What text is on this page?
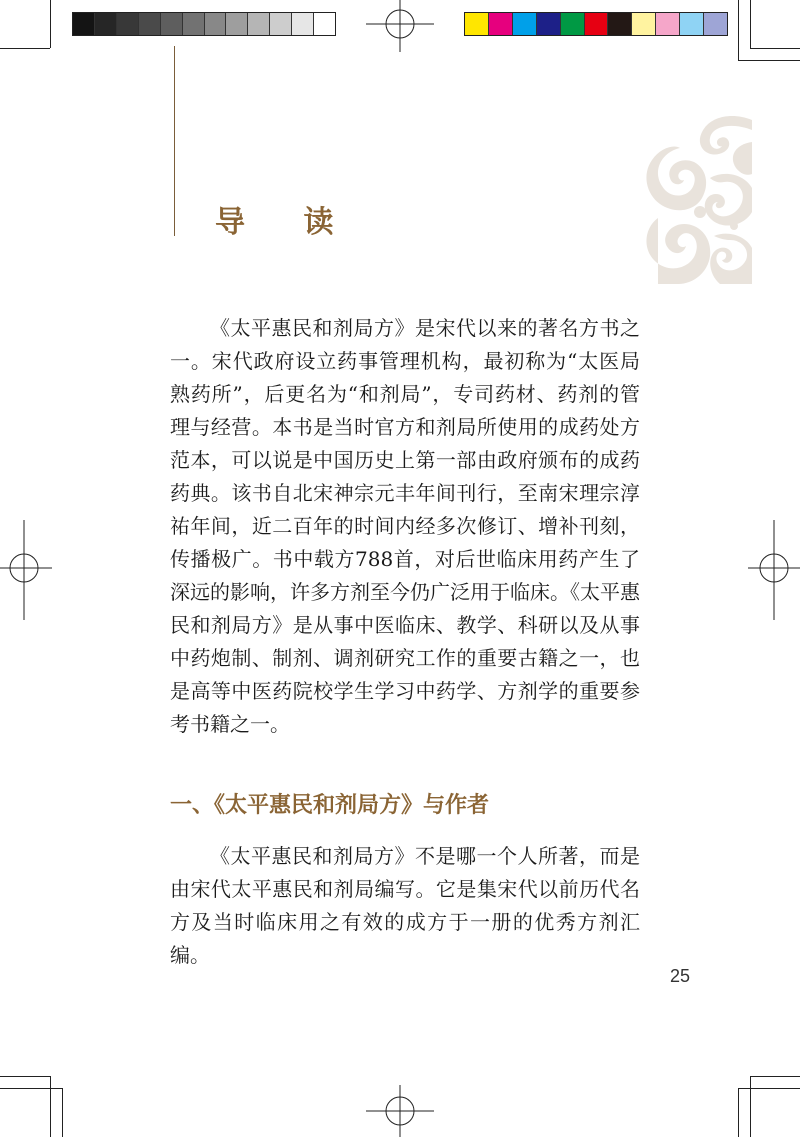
导 读
《太平惠民和剂局方》是宋代以来的著名方书之一。宋代政府设立药事管理机构，最初称为“太医局熟药所”，后更名为“和剂局”，专司药材、药剂的管理与经营。本书是当时官方和剂局所使用的成药处方范本，可以说是中国历史上第一部由政府颁布的成药药典。该书自北宋神宗元丰年间刊行，至南宋理宗淳祐年间，近二百年的时间内经多次修订、增补刊刻，传播极广。书中载方788首，对后世临床用药产生了深远的影响，许多方剂至今仍广泛用于临床。《太平惠民和剂局方》是从事中医临床、教学、科研以及从事中药炮制、制剂、调剂研究工作的重要古籍之一，也是高等中医药院校学生学习中药学、方剂学的重要参考书籍之一。
一、《太平惠民和剂局方》与作者
《太平惠民和剂局方》不是哪一个人所著，而是由宋代太平惠民和剂局编写。它是集宋代以前历代名方及当时临床用之有效的成方于一册的优秀方剂汇编。
25
